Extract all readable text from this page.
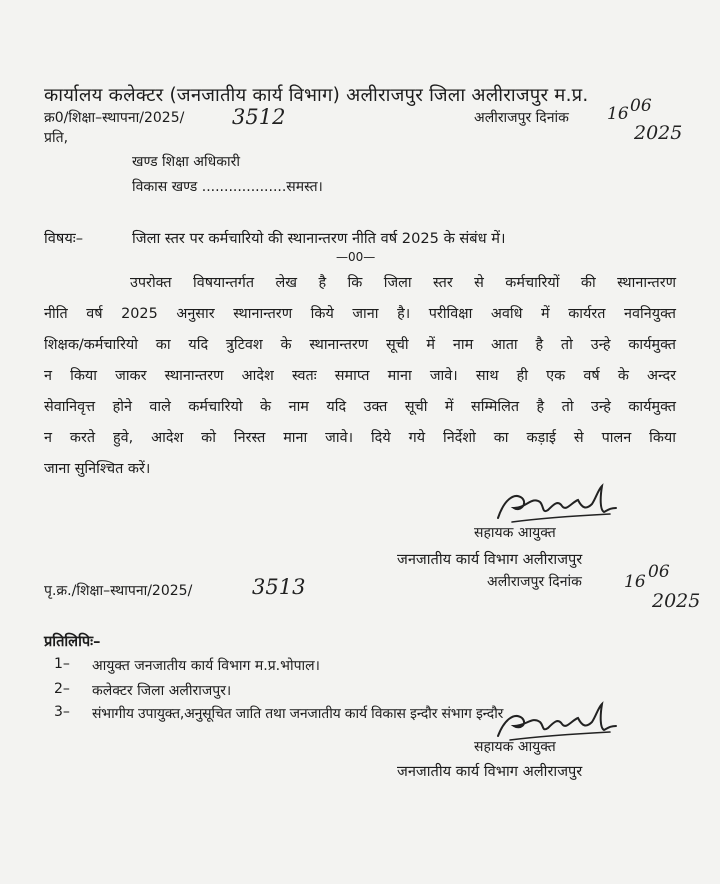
कार्यालय कलेक्टर (जनजातीय कार्य विभाग) अलीराजपुर जिला अलीराजपुर म.प्र.
क्र0/शिक्षा–स्थापना/2025/ 3512	अलीराजपुर दिनांक 16 06
2025
प्रति,
खण्ड शिक्षा अधिकारी
विकास खण्ड ...................समस्त।
विषयः–	जिला स्तर पर कर्मचारियो की स्थानान्तरण नीति वर्ष 2025 के संबंध में।
—00—
उपरोक्त विषयान्तर्गत लेख है कि जिला स्तर से कर्मचारियों की स्थानान्तरण
नीति वर्ष 2025 अनुसार स्थानान्तरण किये जाना है। परीविक्षा अवधि में कार्यरत नवनियुक्त
शिक्षक/कर्मचारियो का यदि त्रुटिवश के स्थानान्तरण सूची में नाम आता है तो उन्हे कार्यमुक्त
न किया जाकर स्थानान्तरण आदेश स्वतः समाप्त माना जावे। साथ ही एक वर्ष के अन्दर
सेवानिवृत्त होने वाले कर्मचारियो के नाम यदि उक्त सूची में सम्मिलित है तो उन्हे कार्यमुक्त
न करते हुवे, आदेश को निरस्त माना जावे। दिये गये निर्देशो का कड़ाई से पालन किया
जाना सुनिश्चित करें।
सहायक आयुक्त
जनजातीय कार्य विभाग अलीराजपुर
अलीराजपुर दिनांक 16 06
2025
पृ.क्र./शिक्षा–स्थापना/2025/	3513
प्रतिलिपिः–
1– आयुक्त जनजातीय कार्य विभाग म.प्र.भोपाल।
2– कलेक्टर जिला अलीराजपुर।
3– संभागीय उपायुक्त,अनुसूचित जाति तथा जनजातीय कार्य विकास इन्दौर संभाग इन्दौर
सहायक आयुक्त
जनजातीय कार्य विभाग अलीराजपुर
